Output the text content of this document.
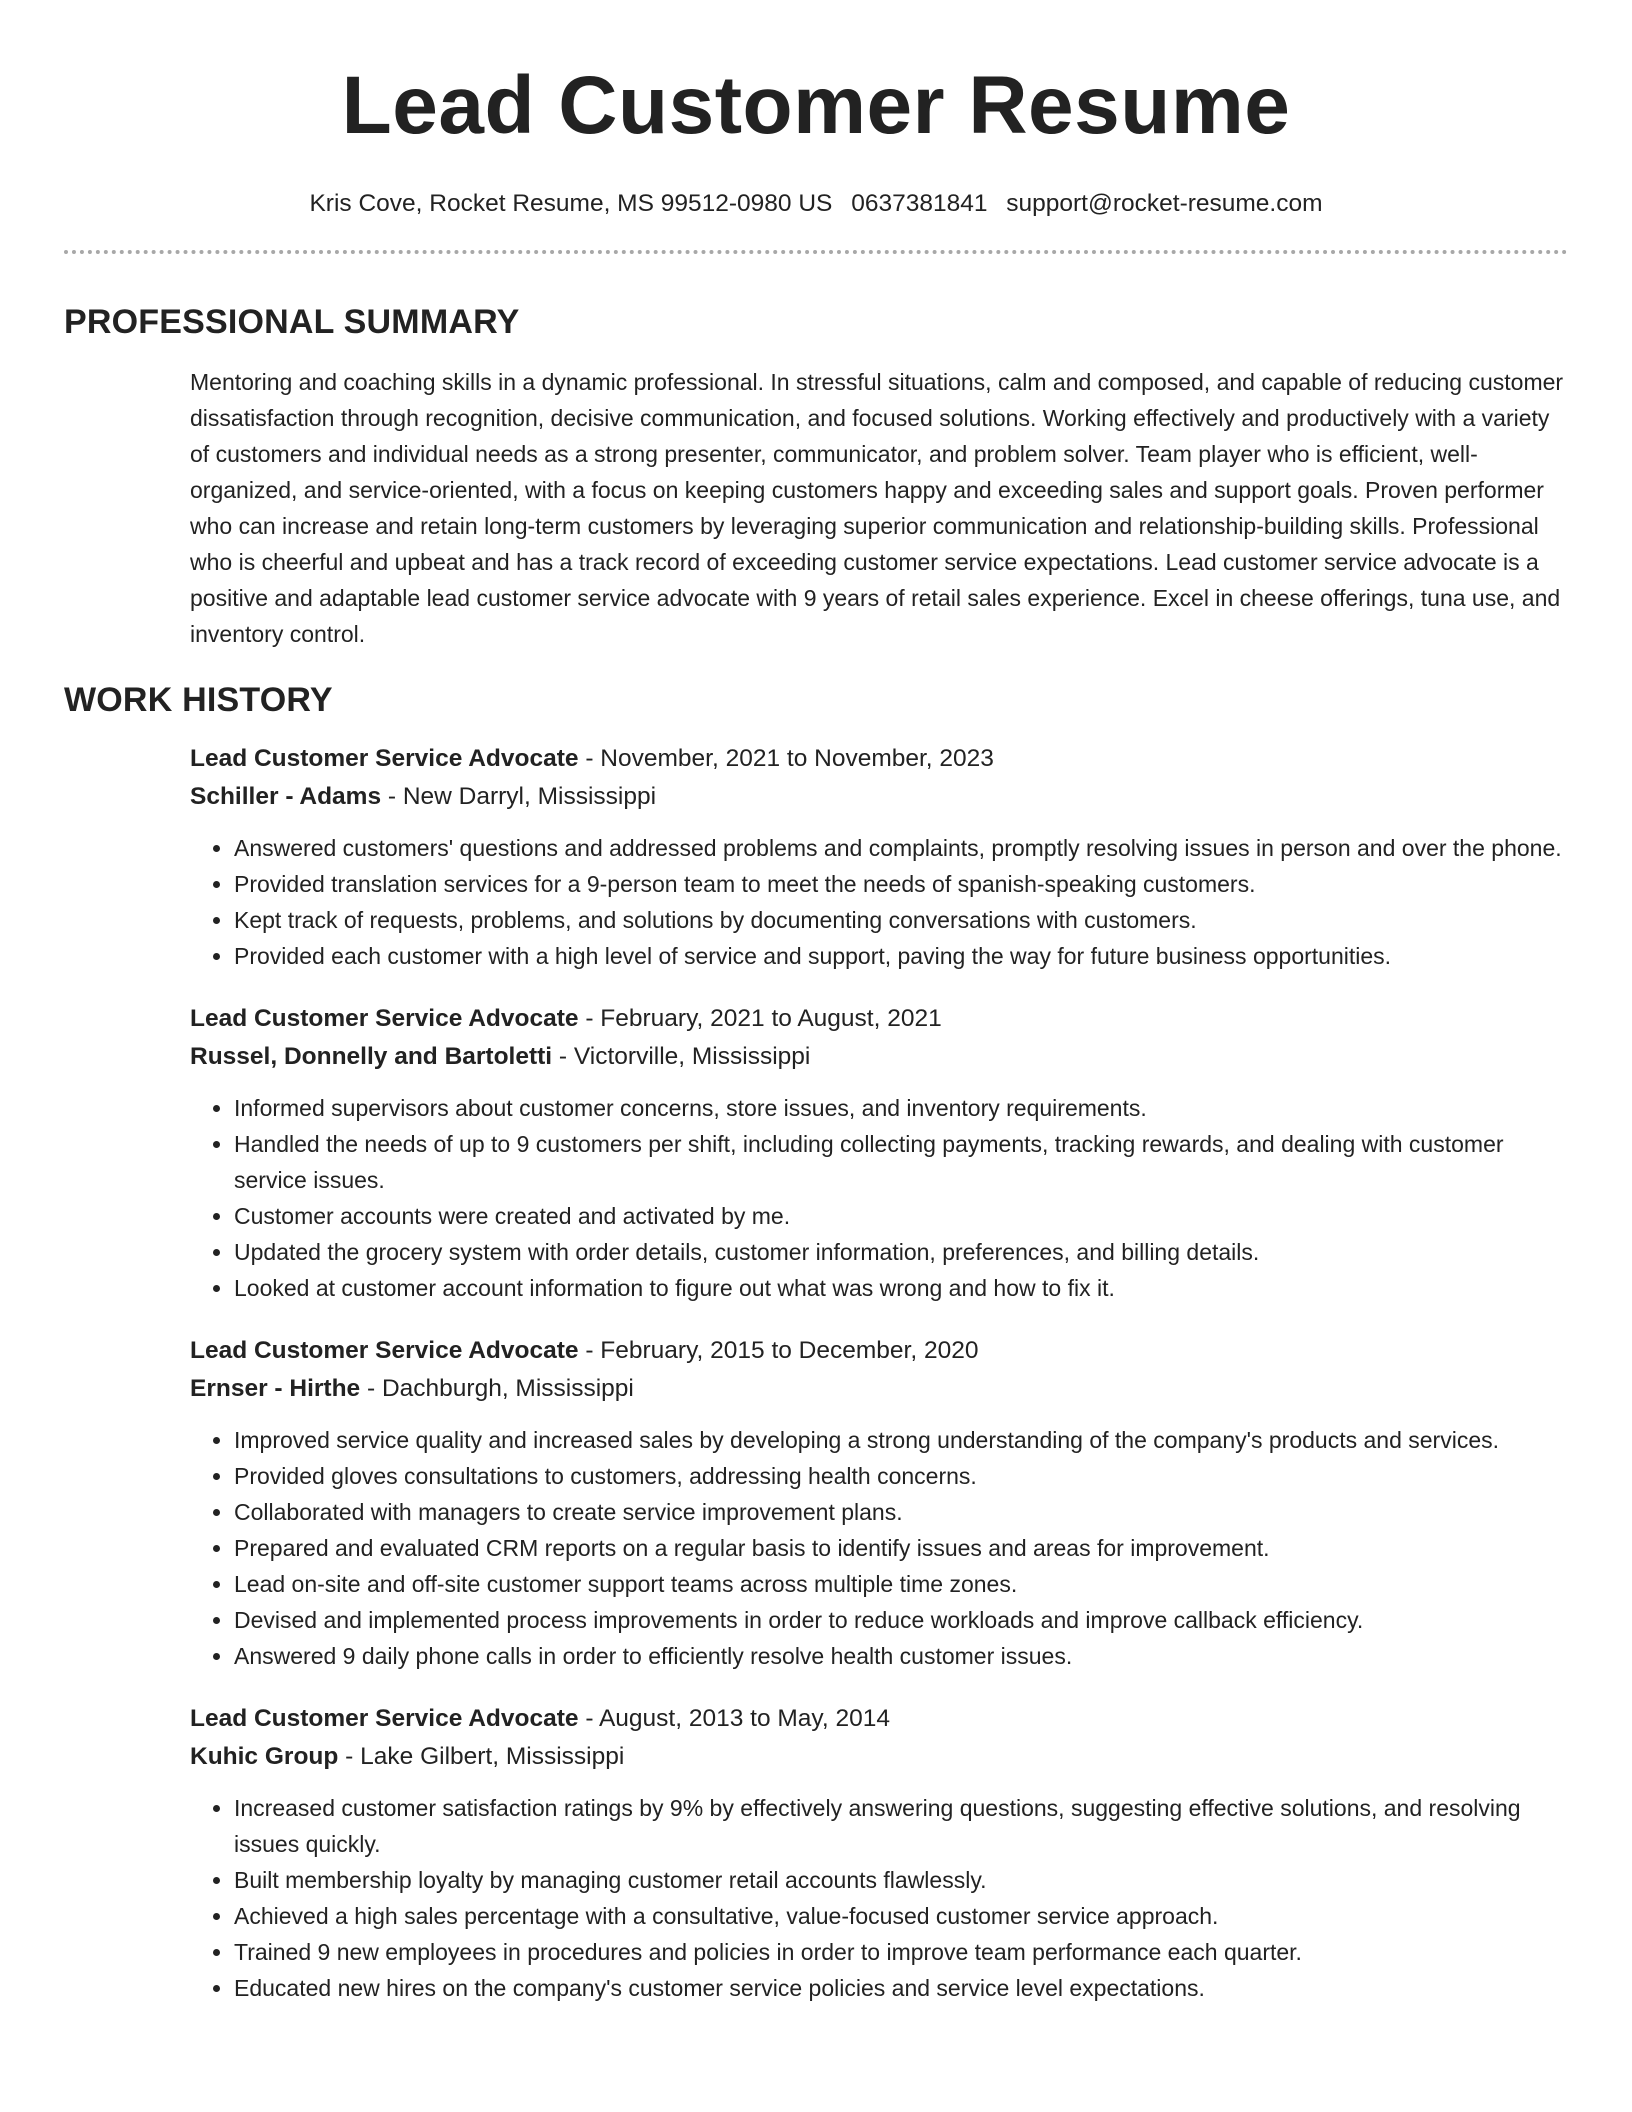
Lead Customer Resume
Kris Cove, Rocket Resume, MS 99512-0980 US 0637381841 support@rocket-resume.com
PROFESSIONAL SUMMARY

Mentoring and coaching skills in a dynamic professional. In stressful situations, calm and composed, and capable of reducing customer dissatisfaction through recognition, decisive communication, and focused solutions. Working effectively and productively with a variety of customers and individual needs as a strong presenter, communicator, and problem solver. Team player who is efficient, well-organized, and service-oriented, with a focus on keeping customers happy and exceeding sales and support goals. Proven performer who can increase and retain long-term customers by leveraging superior communication and relationship-building skills. Professional who is cheerful and upbeat and has a track record of exceeding customer service expectations. Lead customer service advocate is a positive and adaptable lead customer service advocate with 9 years of retail sales experience. Excel in cheese offerings, tuna use, and inventory control.

WORK HISTORY
Lead Customer Service Advocate - November, 2021 to November, 2023
Schiller - Adams - New Darryl, Mississippi
• Answered customers' questions and addressed problems and complaints, promptly resolving issues in person and over the phone.
• Provided translation services for a 9-person team to meet the needs of spanish-speaking customers.
• Kept track of requests, problems, and solutions by documenting conversations with customers.
• Provided each customer with a high level of service and support, paving the way for future business opportunities.
Lead Customer Service Advocate - February, 2021 to August, 2021
Russel, Donnelly and Bartoletti - Victorville, Mississippi
• Informed supervisors about customer concerns, store issues, and inventory requirements.
• Handled the needs of up to 9 customers per shift, including collecting payments, tracking rewards, and dealing with customer service issues.
• Customer accounts were created and activated by me.
• Updated the grocery system with order details, customer information, preferences, and billing details.
• Looked at customer account information to figure out what was wrong and how to fix it.
Lead Customer Service Advocate - February, 2015 to December, 2020
Ernser - Hirthe - Dachburgh, Mississippi
• Improved service quality and increased sales by developing a strong understanding of the company's products and services.
• Provided gloves consultations to customers, addressing health concerns.
• Collaborated with managers to create service improvement plans.
• Prepared and evaluated CRM reports on a regular basis to identify issues and areas for improvement.
• Lead on-site and off-site customer support teams across multiple time zones.
• Devised and implemented process improvements in order to reduce workloads and improve callback efficiency.
• Answered 9 daily phone calls in order to efficiently resolve health customer issues.
Lead Customer Service Advocate - August, 2013 to May, 2014
Kuhic Group - Lake Gilbert, Mississippi
• Increased customer satisfaction ratings by 9% by effectively answering questions, suggesting effective solutions, and resolving issues quickly.
• Built membership loyalty by managing customer retail accounts flawlessly.
• Achieved a high sales percentage with a consultative, value-focused customer service approach.
• Trained 9 new employees in procedures and policies in order to improve team performance each quarter.
• Educated new hires on the company's customer service policies and service level expectations.
